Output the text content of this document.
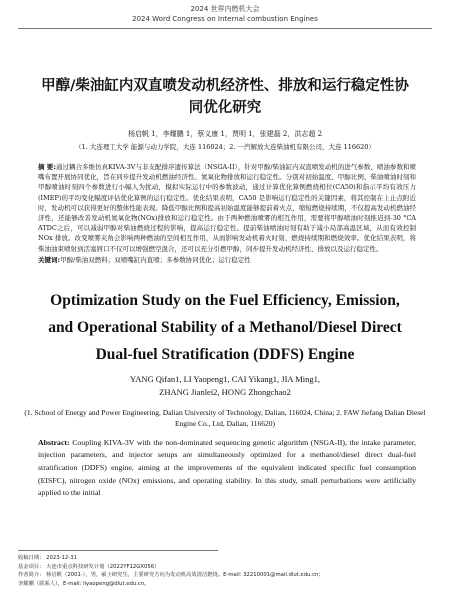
2024 世界内燃机大会
2024 Word Congress on Internal combustion Engines
甲醇/柴油缸内双直喷发动机经济性、排放和运行稳定性协同优化研究
杨启帆 1，李耀鹏 1，蔡义康 1，贾明 1，张建磊 2，洪志超 2
（1. 大连理工大学 能源与动力学院，大连 116024；2. 一汽解放大连柴油机有限公司，大连 116620）
摘 要:通过耦合多维仿真KIVA-3V与非支配排序遗传算法（NSGA-II），针对甲醇/柴油缸内双直喷发动机的进气参数、喷油参数和喷嘴布置开展协同优化，旨在同步提升发动机燃油经济性、氮氧化物排放和运行稳定性。分别对初始温度、甲醇比例、柴油喷油时刻和甲醇喷油时刻四个参数进行小幅人为扰动，模拟实际运行中的参数波动，通过计算优化算例燃烧相位(CA50)和指示平均有效压力(IMEP)的平均变化幅度评估优化算例的运行稳定性。优化结果表明，CA50 是影响运行稳定性的关键因素，将其控制在上止点附近时，发动机可以获得更好的整体性能表现。降低甲醇比例和提高初始温度能够提前着火点，缩短燃烧持续期，不仅提高发动机燃油经济性，还能够改善发动机氮氧化物(NOx)排放和运行稳定性。由于两种燃油喷雾的相互作用，需要将甲醇喷油时刻推迟到-30 °CA ATDC之后，可以减弱甲醇对柴油燃烧过程的影响，提高运行稳定性。提前柴油喷油时刻有助于减小局部高温区域，从而有效控制 NOx 排放。改变喷雾夹角会影响两种燃油的空间相互作用，从而影响发动机着火时刻、燃烧持续期和燃烧效率。优化结果表明，将柴油油束喷射到活塞唇口不仅可以增强燃空混合，还可以充分引燃甲醇，同步提升发动机经济性、排放以及运行稳定性。
关键词:甲醇/柴油双燃料；双喷嘴缸内直喷；多参数协同优化；运行稳定性
Optimization Study on the Fuel Efficiency, Emission, and Operational Stability of a Methanol/Diesel Direct Dual-fuel Stratification (DDFS) Engine
YANG Qifan1, LI Yaopeng1, CAI Yikang1, JIA Ming1,
ZHANG Jianlei2, HONG Zhongchao2
(1. School of Energy and Power Engineering, Dalian University of Technology, Dalian, 116024, China; 2. FAW Jiefang Dalian Diesel Engine Co., Ltd, Dalian, 116620)
Abstract: Coupling KIVA-3V with the non-dominated sequencing genetic algorithm (NSGA-II), the intake parameter, injection parameters, and injector setups are simultaneously optimized for a methanol/diesel direct dual-fuel stratification (DDFS) engine, aiming at the improvements of the equivalent indicated specific fuel consumption (EISFC), nitrogen oxide (NOx) emissions, and operating stability. In this study, small perturbations were artificially applied to the initial
收稿日期： 2023-12-31
基金项目： 大连市重点科技研发计划（2022YF12GX056）
作者简介： 杨启帆（2001-），男，硕士研究生，主要研究方向为发动机高效清洁燃烧。E-mail: 32210001@mail.dlut.edu.cn;
李耀鹏（联系人），E-mail: liyaopeng@dlut.edu.cn。
